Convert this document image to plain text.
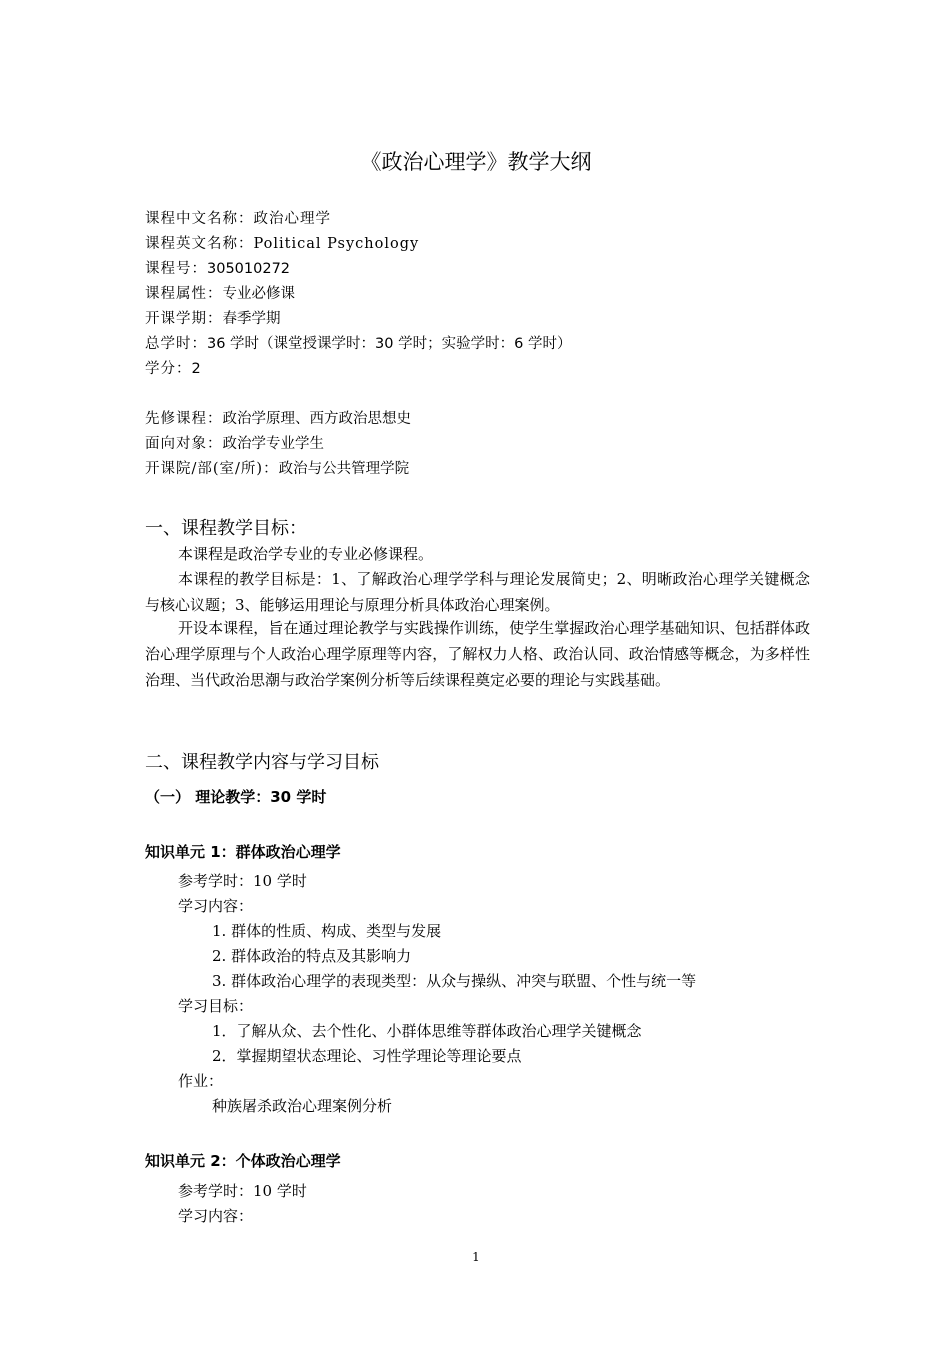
《政治心理学》教学大纲
课程中文名称：政治心理学
课程英文名称：Political Psychology
课程号：305010272
课程属性：专业必修课
开课学期：春季学期
总学时：36 学时（课堂授课学时：30 学时；实验学时：6 学时）
学分：2
先修课程：政治学原理、西方政治思想史
面向对象：政治学专业学生
开课院/部(室/所)：政治与公共管理学院
一、课程教学目标：
本课程是政治学专业的专业必修课程。
本课程的教学目标是：1、了解政治心理学学科与理论发展简史；2、明晰政治心理学关键概念与核心议题；3、能够运用理论与原理分析具体政治心理案例。
开设本课程，旨在通过理论教学与实践操作训练，使学生掌握政治心理学基础知识、包括群体政治心理学原理与个人政治心理学原理等内容，了解权力人格、政治认同、政治情感等概念，为多样性治理、当代政治思潮与政治学案例分析等后续课程奠定必要的理论与实践基础。
二、课程教学内容与学习目标
（一） 理论教学：30 学时
知识单元 1：群体政治心理学
参考学时：10 学时
学习内容：
1. 群体的性质、构成、类型与发展
2. 群体政治的特点及其影响力
3. 群体政治心理学的表现类型：从众与操纵、冲突与联盟、个性与统一等
学习目标：
1．了解从众、去个性化、小群体思维等群体政治心理学关键概念
2．掌握期望状态理论、习性学理论等理论要点
作业：
种族屠杀政治心理案例分析
知识单元 2：个体政治心理学
参考学时：10 学时
学习内容：
1
